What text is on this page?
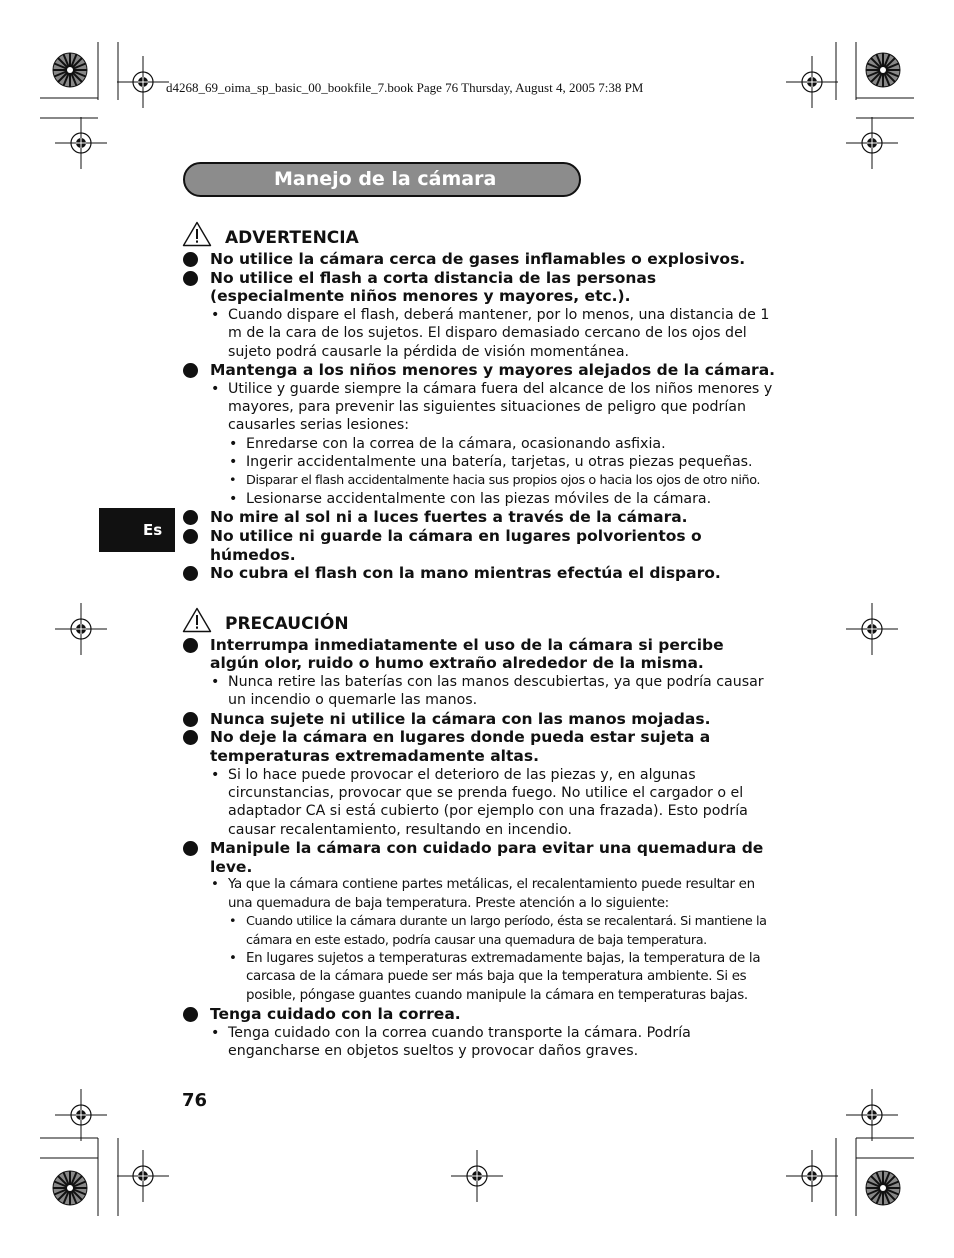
d4268_69_oima_sp_basic_00_bookfile_7.book Page 76 Thursday, August 4, 2005 7:38 PM
Manejo de la cámara
Es
76
ADVERTENCIA
No utilice la cámara cerca de gases inflamables o explosivos.
No utilice el flash a corta distancia de las personas (especialmente niños menores y mayores, etc.).
• Cuando dispare el flash, deberá mantener, por lo menos, una distancia de 1 m de la cara de los sujetos. El disparo demasiado cercano de los ojos del sujeto podrá causarle la pérdida de visión momentánea.
Mantenga a los niños menores y mayores alejados de la cámara.
• Utilice y guarde siempre la cámara fuera del alcance de los niños menores y mayores, para prevenir las siguientes situaciones de peligro que podrían causarles serias lesiones:
• Enredarse con la correa de la cámara, ocasionando asfixia.
• Ingerir accidentalmente una batería, tarjetas, u otras piezas pequeñas.
• Disparar el flash accidentalmente hacia sus propios ojos o hacia los ojos de otro niño.
• Lesionarse accidentalmente con las piezas móviles de la cámara.
No mire al sol ni a luces fuertes a través de la cámara.
No utilice ni guarde la cámara en lugares polvorientos o húmedos.
No cubra el flash con la mano mientras efectúa el disparo.
PRECAUCIÓN
Interrumpa inmediatamente el uso de la cámara si percibe algún olor, ruido o humo extraño alrededor de la misma.
• Nunca retire las baterías con las manos descubiertas, ya que podría causar un incendio o quemarle las manos.
Nunca sujete ni utilice la cámara con las manos mojadas.
No deje la cámara en lugares donde pueda estar sujeta a temperaturas extremadamente altas.
• Si lo hace puede provocar el deterioro de las piezas y, en algunas circunstancias, provocar que se prenda fuego. No utilice el cargador o el adaptador CA si está cubierto (por ejemplo con una frazada). Esto podría causar recalentamiento, resultando en incendio.
Manipule la cámara con cuidado para evitar una quemadura de leve.
• Ya que la cámara contiene partes metálicas, el recalentamiento puede resultar en una quemadura de baja temperatura. Preste atención a lo siguiente:
• Cuando utilice la cámara durante un largo período, ésta se recalentará. Si mantiene la cámara en este estado, podría causar una quemadura de baja temperatura.
• En lugares sujetos a temperaturas extremadamente bajas, la temperatura de la carcasa de la cámara puede ser más baja que la temperatura ambiente. Si es posible, póngase guantes cuando manipule la cámara en temperaturas bajas.
Tenga cuidado con la correa.
• Tenga cuidado con la correa cuando transporte la cámara. Podría engancharse en objetos sueltos y provocar daños graves.
